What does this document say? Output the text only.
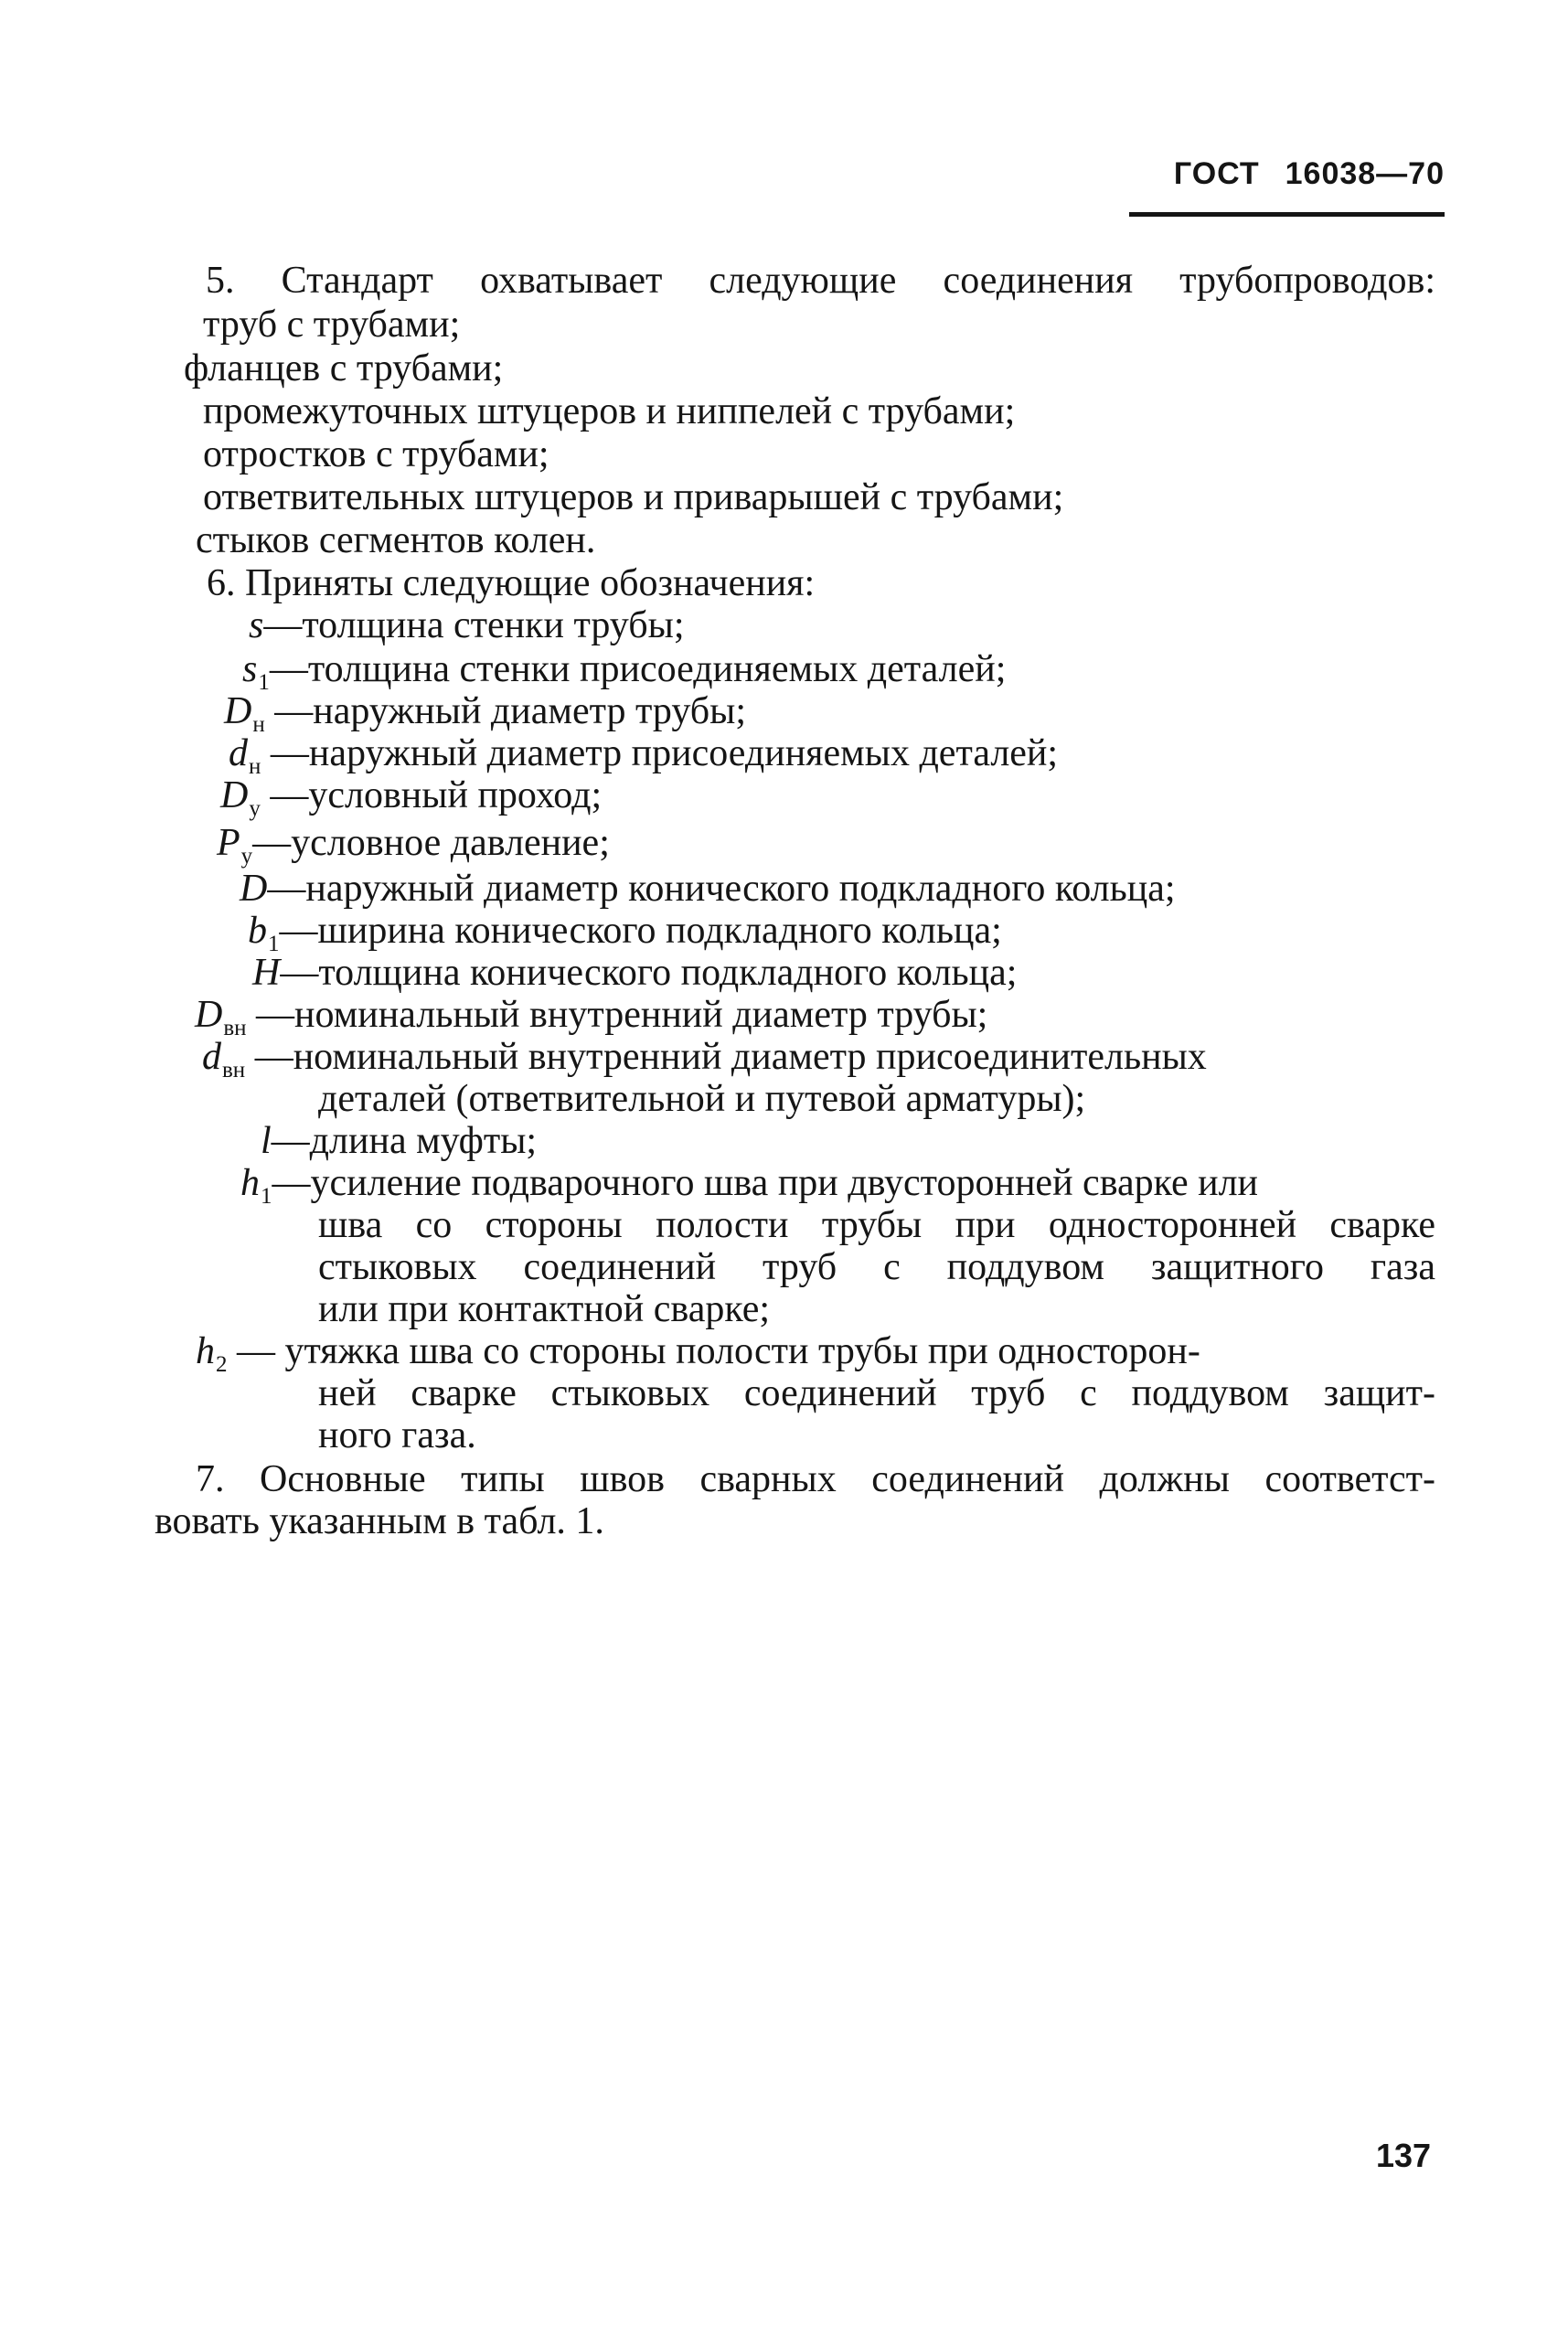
ГОСТ 16038—70
5. Стандарт охватывает следующие соединения трубопроводов:
труб с трубами;
фланцев с трубами;
промежуточных штуцеров и ниппелей с трубами;
отростков с трубами;
ответвительных штуцеров и приварышей с трубами;
стыков сегментов колен.
6. Приняты следующие обозначения:
s—толщина стенки трубы;
$s_1—толщина$ стенки присоединяемых деталей;
$D_н$ —наружный диаметр трубы;
$d_н$ —наружный диаметр присоединяемых деталей;
$D_у$ —условный проход;
$P_у—условное$ давление;
D—наружный диаметр конического подкладного кольца;
$b_1—ширина$ конического подкладного кольца;
H—толщина конического подкладного кольца;
$D_{вн}$ —номинальный внутренний диаметр трубы;
$d_{вн}$ —номинальный внутренний диаметр присоединительных
деталей (ответвительной и путевой арматуры);
l—длина муфты;
$h_1—усиление$ подварочного шва при двусторонней сварке или
шва со стороны полости трубы при односторонней сварке
стыковых соединений труб с поддувом защитного газа
или при контактной сварке;
$h_2$ — утяжка шва со стороны полости трубы при односторон-
ней сварке стыковых соединений труб с поддувом защит-
ного газа.
7. Основные типы швов сварных соединений должны соответст-
вовать указанным в табл. 1.
137
